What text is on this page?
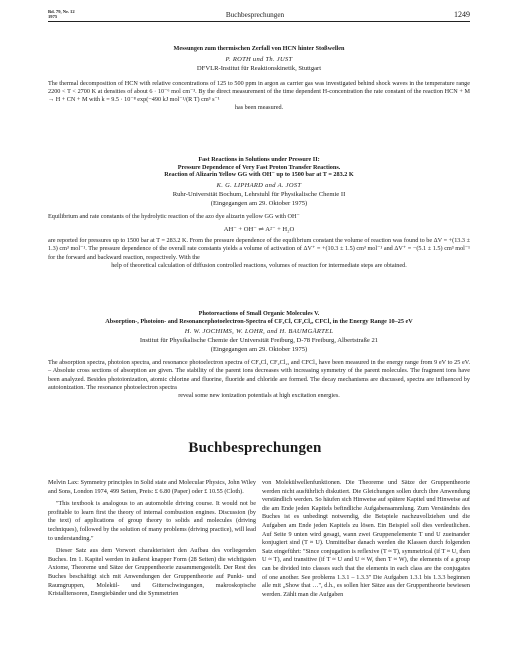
Bd. 79, Nr. 12
1975	Buchbesprechungen	1249
Messungen zum thermischen Zerfall von HCN hinter Stoßwellen
P. ROTH und Th. JUST
DFVLR-Institut für Reaktionskinetik, Stuttgart
The thermal decomposition of HCN with relative concentrations of 125 to 500 ppm in argon as carrier gas was investigated behind shock waves in the temperature range 2200 < T < 2700 K at densities of about 6 · 10⁻⁶ mol cm⁻³. By the direct measurement of the time dependent H-concentration the rate constant of the reaction HCN + M → H + CN + M with k = 9.5 · 10⁻⁸ exp(−490 kJ mol⁻¹/(R T) cm³ s⁻¹
has been measured.
Fast Reactions in Solutions under Pressure II:
Pressure Dependence of Very Fast Proton Transfer Reactions.
Reaction of Alizarin Yellow GG with OH⁻ up to 1500 bar at T = 283.2 K
K. G. LIPHARD and A. JOST
Ruhr-Universität Bochum, Lehrstuhl für Physikalische Chemie II
(Eingegangen am 29. Oktober 1975)
Equilibrium and rate constants of the hydrolytic reaction of the azo dye alizarin yellow GG with OH⁻
AH⁻ + OH⁻ ⇌ A²⁻ + H₂O
are reported for pressures up to 1500 bar at T = 283.2 K. From the pressure dependence of the equilibrium constant the volume of reaction was found to be ΔV = +(13.3 ± 1.3) cm³ mol⁻¹. The pressure dependence of the overall rate constants yields a volume of activation of ΔV⁺ = +(10.3 ± 1.5) cm³ mol⁻¹ and ΔV⁺ = −(5.1 ± 1.5) cm³ mol⁻¹ for the forward and backward reaction, respectively. With the
help of theoretical calculation of diffusion controlled reactions, volumes of reaction for intermediate steps are obtained.
Photoreactions of Small Organic Molecules V.
Absorption-, Photoion- and Resonancephotoelectron-Spectra of CF₃Cl, CF₂Cl₂, CFCl₃ in the Energy Range 10–25 eV
H. W. JOCHIMS, W. LOHR, and H. BAUMGÄRTEL
Institut für Physikalische Chemie der Universität Freiburg, D-78 Freiburg, Albertstraße 21
(Eingegangen am 29. Oktober 1975)
The absorption spectra, photoion spectra, and resonance photoelectron spectra of CF₃Cl, CF₂Cl₂, and CFCl₃ have been measured in the energy range from 9 eV to 25 eV. – Absolute cross sections of absorption are given. The stability of the parent ions decreases with increasing symmetry of the parent molecules. The fragment ions have been analyzed. Besides photoionization, atomic chlorine and fluorine, fluoride and chloride are formed. The decay mechanisms are discussed, spectra are influenced by autoionization. The resonance photoelectron spectra
reveal some new ionization potentials at high excitation energies.
Buchbesprechungen

Melvin Lax: Symmetry principles in Solid state and Molecular Physics, John Wiley and Sons, London 1974, 499 Seiten, Preis: £ 6.80 (Paper) oder £ 10.55 (Cloth).

"This textbook is analogous to an automobile driving course. It would not be profitable to learn first the theory of internal combustion engines. Discussion (by the text) of applications of group theory to solids and molecules (driving techniques), followed by the solution of many problems (driving practice), will lead to understanding."

Dieser Satz aus dem Vorwort charakterisiert den Aufbau des vorliegenden Buches. Im 1. Kapitel werden in äußerst knapper Form (28 Seiten) die wichtigsten Axiome, Theoreme und Sätze der Gruppentheorie zusammengestellt. Der Rest des Buches beschäftigt sich mit Anwendungen der Gruppentheorie auf Punkt- und Raumgruppen, Molekül- und Gitterschwingungen, makroskopische Kristalltensoren, Energiebänder und die Symmetrien

von Molekülwellenfunktionen. Die Theoreme und Sätze der Gruppentheorie werden nicht ausführlich diskutiert. Die Gleichungen sollen durch ihre Anwendung verständlich werden. So häufen sich Hinweise auf spätere Kapitel und Hinweise auf die am Ende jeden Kapitels befindliche Aufgabensammlung. Zum Verständnis des Buches ist es unbedingt notwendig, die Beispiele nachzuvollziehen und die Aufgaben am Ende jeden Kapitels zu lösen. Ein Beispiel soll dies verdeutlichen. Auf Seite 9 unten wird gesagt, wann zwei Gruppenelemente T und U zueinander konjugiert sind (T ≈ U). Unmittelbar danach werden die Klassen durch folgenden Satz eingeführt: "Since conjugation is reflexive (T ≈ T), symmetrical (if T ≈ U, then U ≈ T), and transitive (if T ≈ U and U ≈ W, then T ≈ W), the elements of a group can be divided into classes such that the elements in each class are the conjugates of one another. See problems 1.3.1 – 1.3.3" Die Aufgaben 1.3.1 bis 1.3.3 beginnen alle mit „Show that …", d.h., es sollen hier Sätze aus der Gruppentheorie bewiesen werden. Zählt man die Aufgaben
